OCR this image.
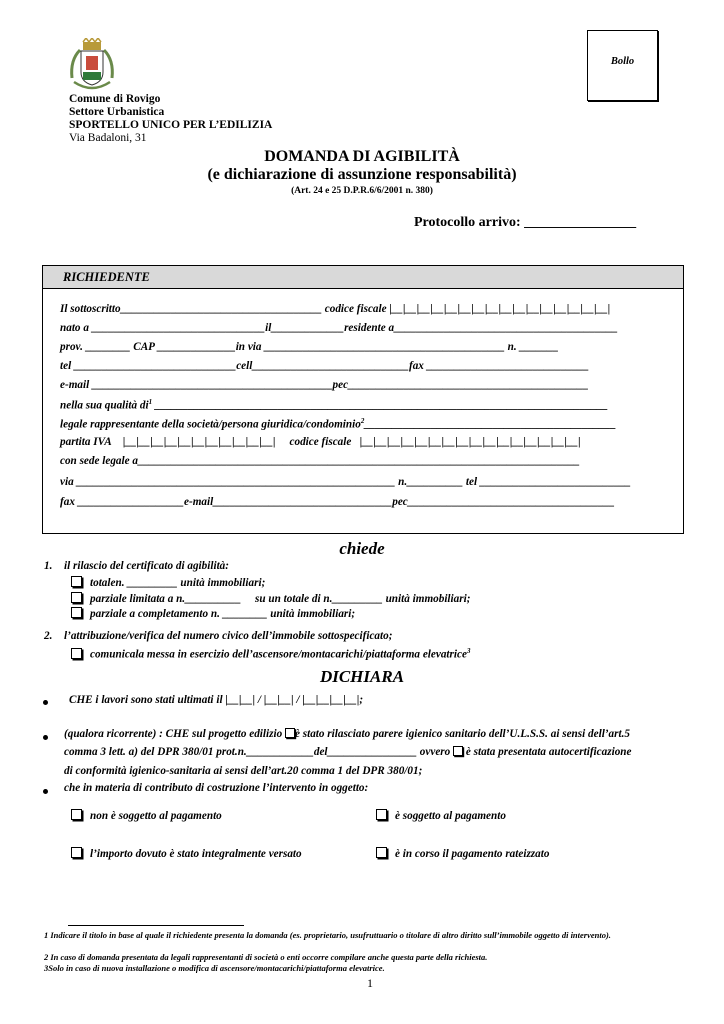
Comune di Rovigo
Settore Urbanistica
SPORTELLO UNICO PER L’EDILIZIA
Via Badaloni, 31
Bollo
DOMANDA DI AGIBILITÀ
(e dichiarazione di assunzione responsabilità)
(Art. 24 e 25 D.P.R.6/6/2001 n. 380)
Protocollo arrivo: ________________
RICHIEDENTE
Il sottoscritto____________________________________ codice fiscale |__|__|__|__|__|__|__|__|__|__|__|__|__|__|__|__|
nato a _______________________________il_____________residente a________________________________________
prov. ________ CAP ______________in via ___________________________________________ n. _______
tel _____________________________cell____________________________fax _____________________________
e-mail ___________________________________________pec___________________________________________
nella sua qualità $di^1$ _________________________________________________________________________________
legale rappresentante della società/persona giuridica/condominio$^2$_____________________________________________
partita IVA    |__|__|__|__|__|__|__|__|__|__|__|     codice fiscale   |__|__|__|__|__|__|__|__|__|__|__|__|__|__|__|__|
con sede legale a_______________________________________________________________________________
via _________________________________________________________ n.__________ tel ___________________________
fax ___________________e-mail________________________________pec_____________________________________
chiede
1. il rilascio del certificato di agibilità:
totalen. _________ unità immobiliari;
parziale limitata a n.__________ su un totale di n._________ unità immobiliari;
parziale a completamento n. ________ unità immobiliari;
2. l’attribuzione/verifica del numero civico dell’immobile sottospecificato;
comunicala messa in esercizio dell’ascensore/montacarichi/piattaforma elevatrice$^3$
DICHIARA
CHE i lavori sono stati ultimati il |__|__| / |__|__| / |__|__|__|__|;
(qualora ricorrente) : CHE sul progetto edilizio è stato rilasciato parere igienico sanitario dell’U.L.S.S. ai sensi dell’art.5
comma 3 lett. a) del DPR 380/01 prot.n.____________del________________ ovvero è stata presentata autocertificazione
di conformità igienico-sanitaria ai sensi dell’art.20 comma 1 del DPR 380/01;
che in materia di contributo di costruzione l’intervento in oggetto:
non è soggetto al pagamento	è soggetto al pagamento
l’importo dovuto è stato integralmente versato	è in corso il pagamento rateizzato
1 Indicare il titolo in base al quale il richiedente presenta la domanda (es. proprietario, usufruttuario o titolare di altro diritto sull’immobile oggetto di intervento).
2 In caso di domanda presentata da legali rappresentanti di società o enti occorre compilare anche questa parte della richiesta.
3Solo in caso di nuova installazione o modifica di ascensore/montacarichi/piattaforma elevatrice.
1
